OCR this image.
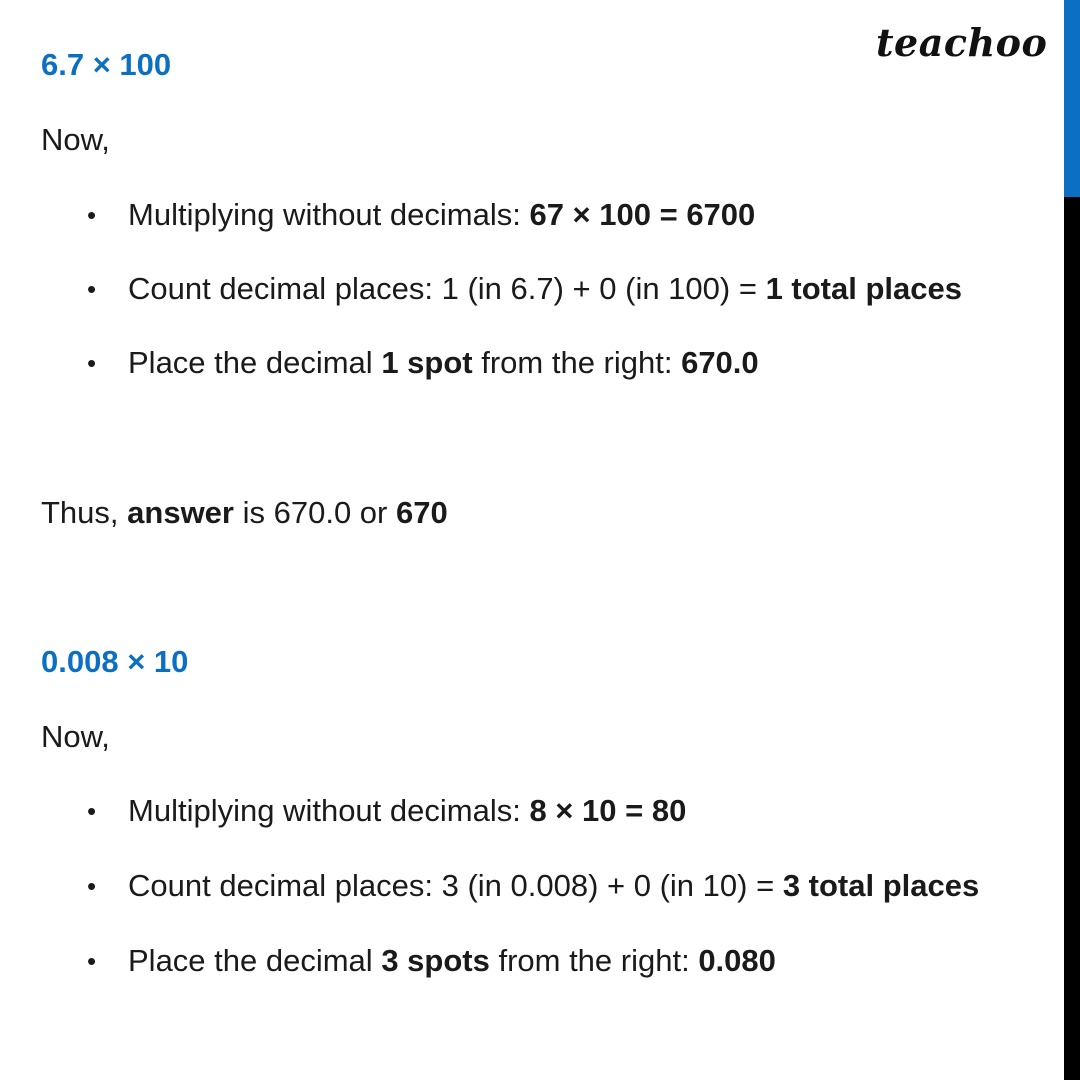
teachoo
6.7 × 100
Now,
• Multiplying without decimals: 67 × 100 = 6700
• Count decimal places: 1 (in 6.7) + 0 (in 100) = 1 total places
• Place the decimal 1 spot from the right: 670.0
Thus, answer is 670.0 or 670
0.008 × 10
Now,
• Multiplying without decimals: 8 × 10 = 80
• Count decimal places: 3 (in 0.008) + 0 (in 10) = 3 total places
• Place the decimal 3 spots from the right: 0.080
